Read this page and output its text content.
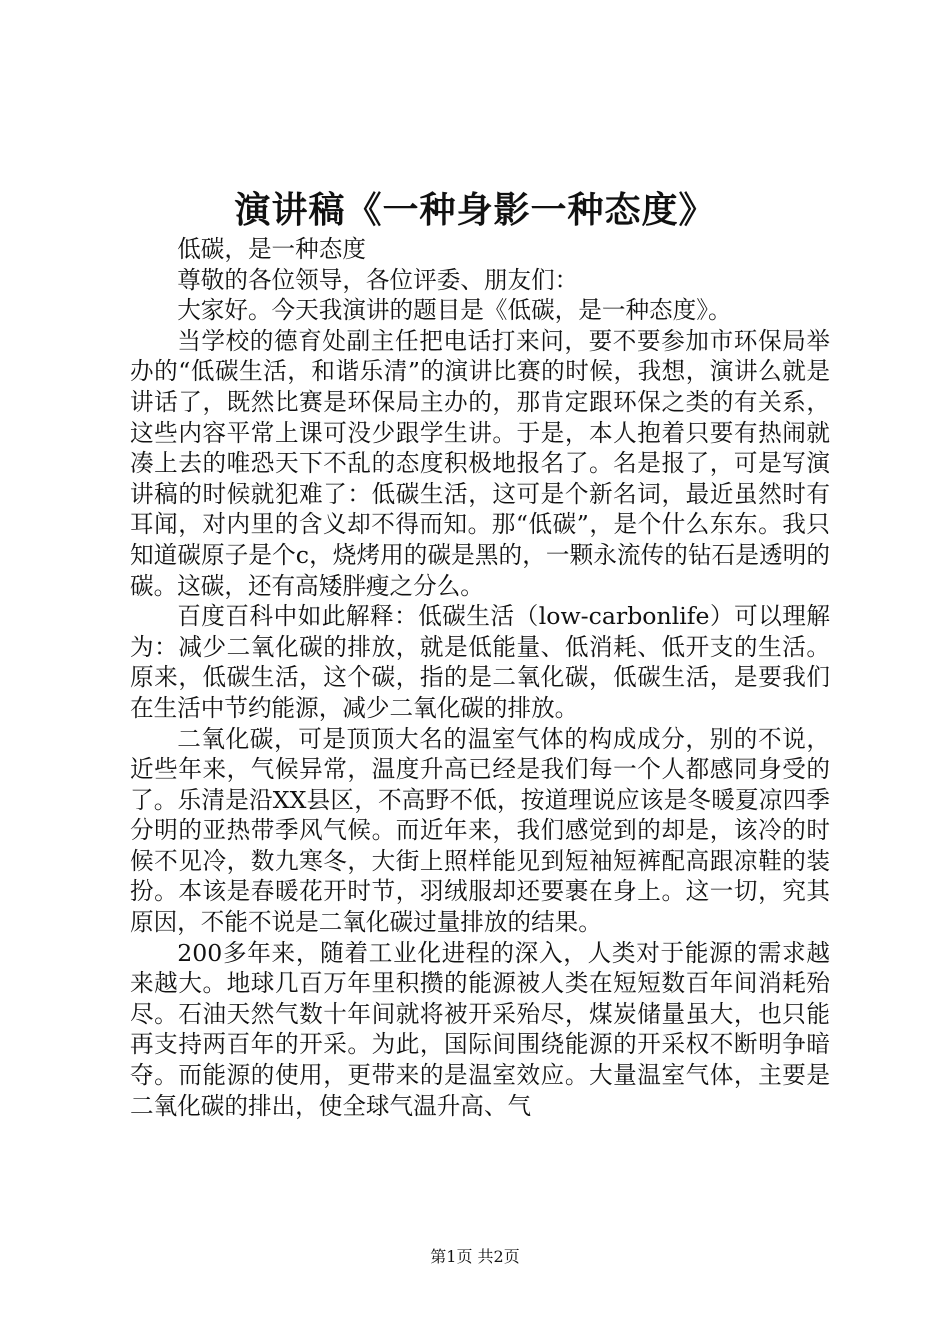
演讲稿《一种身影一种态度》

低碳，是一种态度

尊敬的各位领导，各位评委、朋友们：

大家好。今天我演讲的题目是《低碳，是一种态度》。

当学校的德育处副主任把电话打来问，要不要参加市环保局举办的“低碳生活，和谐乐清”的演讲比赛的时候，我想，演讲么就是讲话了，既然比赛是环保局主办的，那肯定跟环保之类的有关系，这些内容平常上课可没少跟学生讲。于是，本人抱着只要有热闹就凑上去的唯恐天下不乱的态度积极地报名了。名是报了，可是写演讲稿的时候就犯难了：低碳生活，这可是个新名词，最近虽然时有耳闻，对内里的含义却不得而知。那“低碳”，是个什么东东。我只知道碳原子是个c，烧烤用的碳是黑的，一颗永流传的钻石是透明的碳。这碳，还有高矮胖瘦之分么。

百度百科中如此解释：低碳生活（low-carbonlife）可以理解为：减少二氧化碳的排放，就是低能量、低消耗、低开支的生活。原来，低碳生活，这个碳，指的是二氧化碳，低碳生活，是要我们在生活中节约能源，减少二氧化碳的排放。

二氧化碳，可是顶顶大名的温室气体的构成成分，别的不说，近些年来，气候异常，温度升高已经是我们每一个人都感同身受的了。乐清是沿XX县区，不高野不低，按道理说应该是冬暖夏凉四季分明的亚热带季风气候。而近年来，我们感觉到的却是，该冷的时候不见冷，数九寒冬，大街上照样能见到短袖短裤配高跟凉鞋的装扮。本该是春暖花开时节，羽绒服却还要裹在身上。这一切，究其原因，不能不说是二氧化碳过量排放的结果。

200多年来，随着工业化进程的深入，人类对于能源的需求越来越大。地球几百万年里积攒的能源被人类在短短数百年间消耗殆尽。石油天然气数十年间就将被开采殆尽，煤炭储量虽大，也只能再支持两百年的开采。为此，国际间围绕能源的开采权不断明争暗夺。而能源的使用，更带来的是温室效应。大量温室气体，主要是二氧化碳的排出，使全球气温升高、气

第1页 共2页
